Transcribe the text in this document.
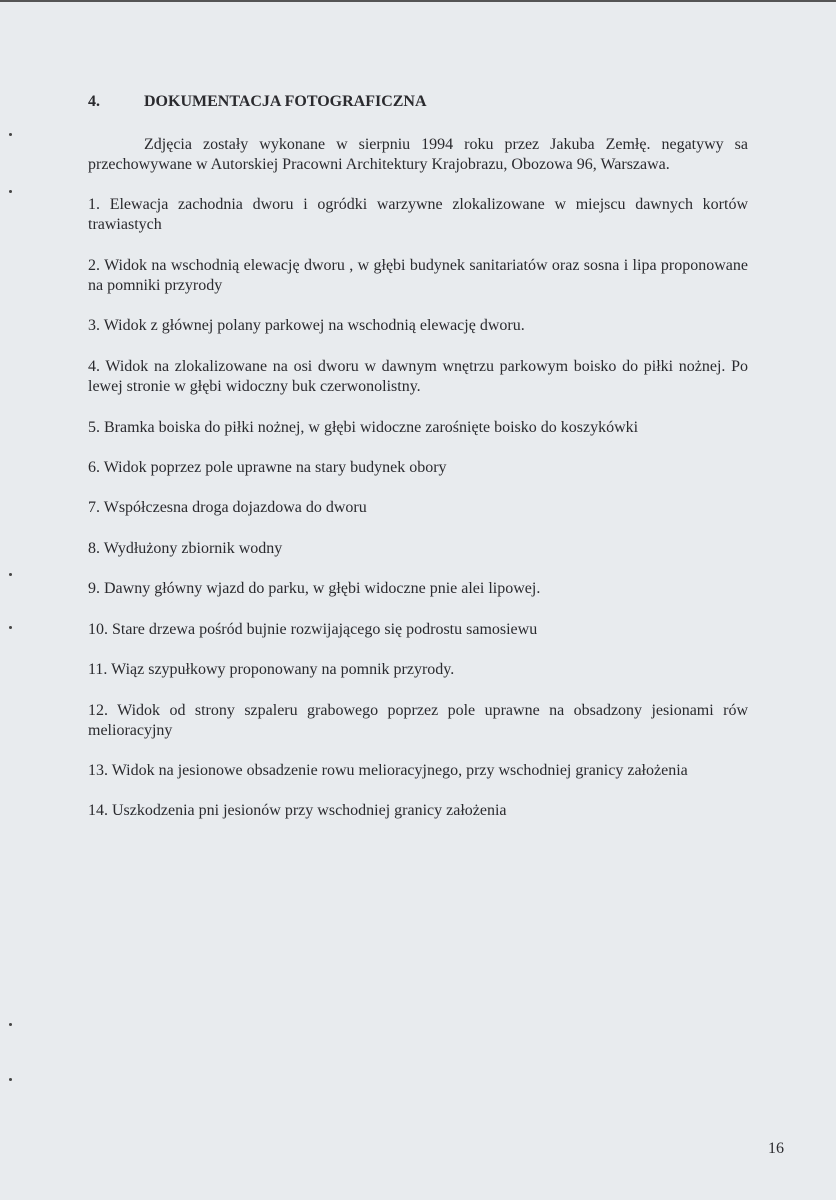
4.	DOKUMENTACJA FOTOGRAFICZNA
Zdjęcia zostały wykonane w sierpniu 1994 roku przez Jakuba Zemłę. negatywy sa przechowywane w Autorskiej Pracowni Architektury Krajobrazu, Obozowa 96, Warszawa.
1. Elewacja zachodnia dworu i ogródki warzywne zlokalizowane w miejscu dawnych kortów trawiastych
2. Widok na wschodnią elewację dworu , w głębi budynek sanitariatów oraz sosna i lipa proponowane na pomniki przyrody
3. Widok z głównej polany parkowej na wschodnią elewację dworu.
4. Widok na zlokalizowane na osi dworu w dawnym wnętrzu parkowym boisko do piłki nożnej. Po lewej stronie w głębi widoczny buk czerwonolistny.
5. Bramka boiska do piłki nożnej, w głębi widoczne zarośnięte boisko do koszykówki
6. Widok poprzez pole uprawne na stary budynek obory
7. Współczesna droga dojazdowa do dworu
8. Wydłużony zbiornik wodny
9. Dawny główny wjazd do parku, w głębi widoczne pnie alei lipowej.
10. Stare drzewa pośród bujnie rozwijającego się podrostu samosiewu
11. Wiąz szypułkowy proponowany na pomnik przyrody.
12. Widok od strony szpaleru grabowego poprzez pole uprawne na obsadzony jesionami rów melioracyjny
13. Widok na jesionowe obsadzenie rowu melioracyjnego, przy wschodniej granicy założenia
14. Uszkodzenia pni jesionów przy wschodniej granicy założenia
16
